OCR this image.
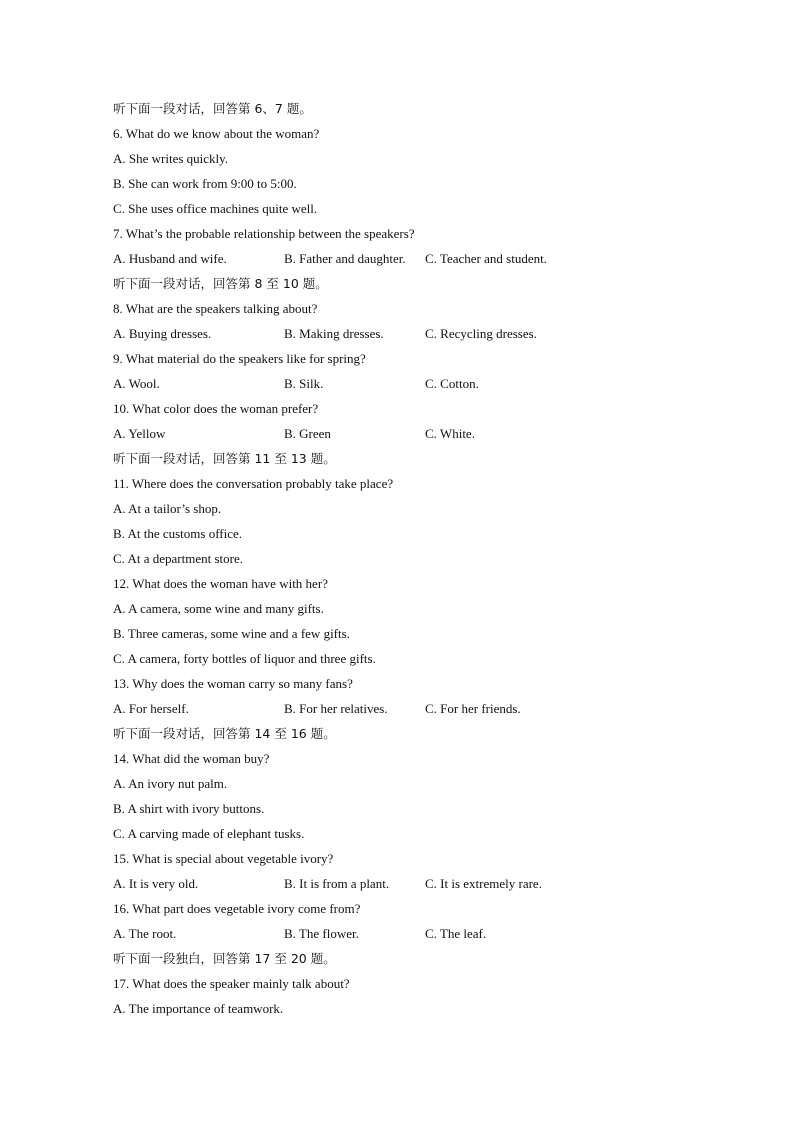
听下面一段对话，回答第 6、7 题。
6. What do we know about the woman?
A. She writes quickly.
B. She can work from 9:00 to 5:00.
C. She uses office machines quite well.
7. What’s the probable relationship between the speakers?
A. Husband and wife.	B. Father and daughter. C. Teacher and student.
听下面一段对话，回答第 8 至 10 题。
8. What are the speakers talking about?
A. Buying dresses.	B. Making dresses.	C. Recycling dresses.
9. What material do the speakers like for spring?
A. Wool.	B. Silk.	C. Cotton.
10. What color does the woman prefer?
A. Yellow	B. Green	C. White.
听下面一段对话，回答第 11 至 13 题。
11. Where does the conversation probably take place?
A. At a tailor’s shop.
B. At the customs office.
C. At a department store.
12. What does the woman have with her?
A. A camera, some wine and many gifts.
B. Three cameras, some wine and a few gifts.
C. A camera, forty bottles of liquor and three gifts.
13. Why does the woman carry so many fans?
A. For herself.	B. For her relatives.	C. For her friends.
听下面一段对话，回答第 14 至 16 题。
14. What did the woman buy?
A. An ivory nut palm.
B. A shirt with ivory buttons.
C. A carving made of elephant tusks.
15. What is special about vegetable ivory?
A. It is very old.	B. It is from a plant.	C. It is extremely rare.
16. What part does vegetable ivory come from?
A. The root.	B. The flower.	C. The leaf.
听下面一段独白，回答第 17 至 20 题。
17. What does the speaker mainly talk about?
A. The importance of teamwork.
